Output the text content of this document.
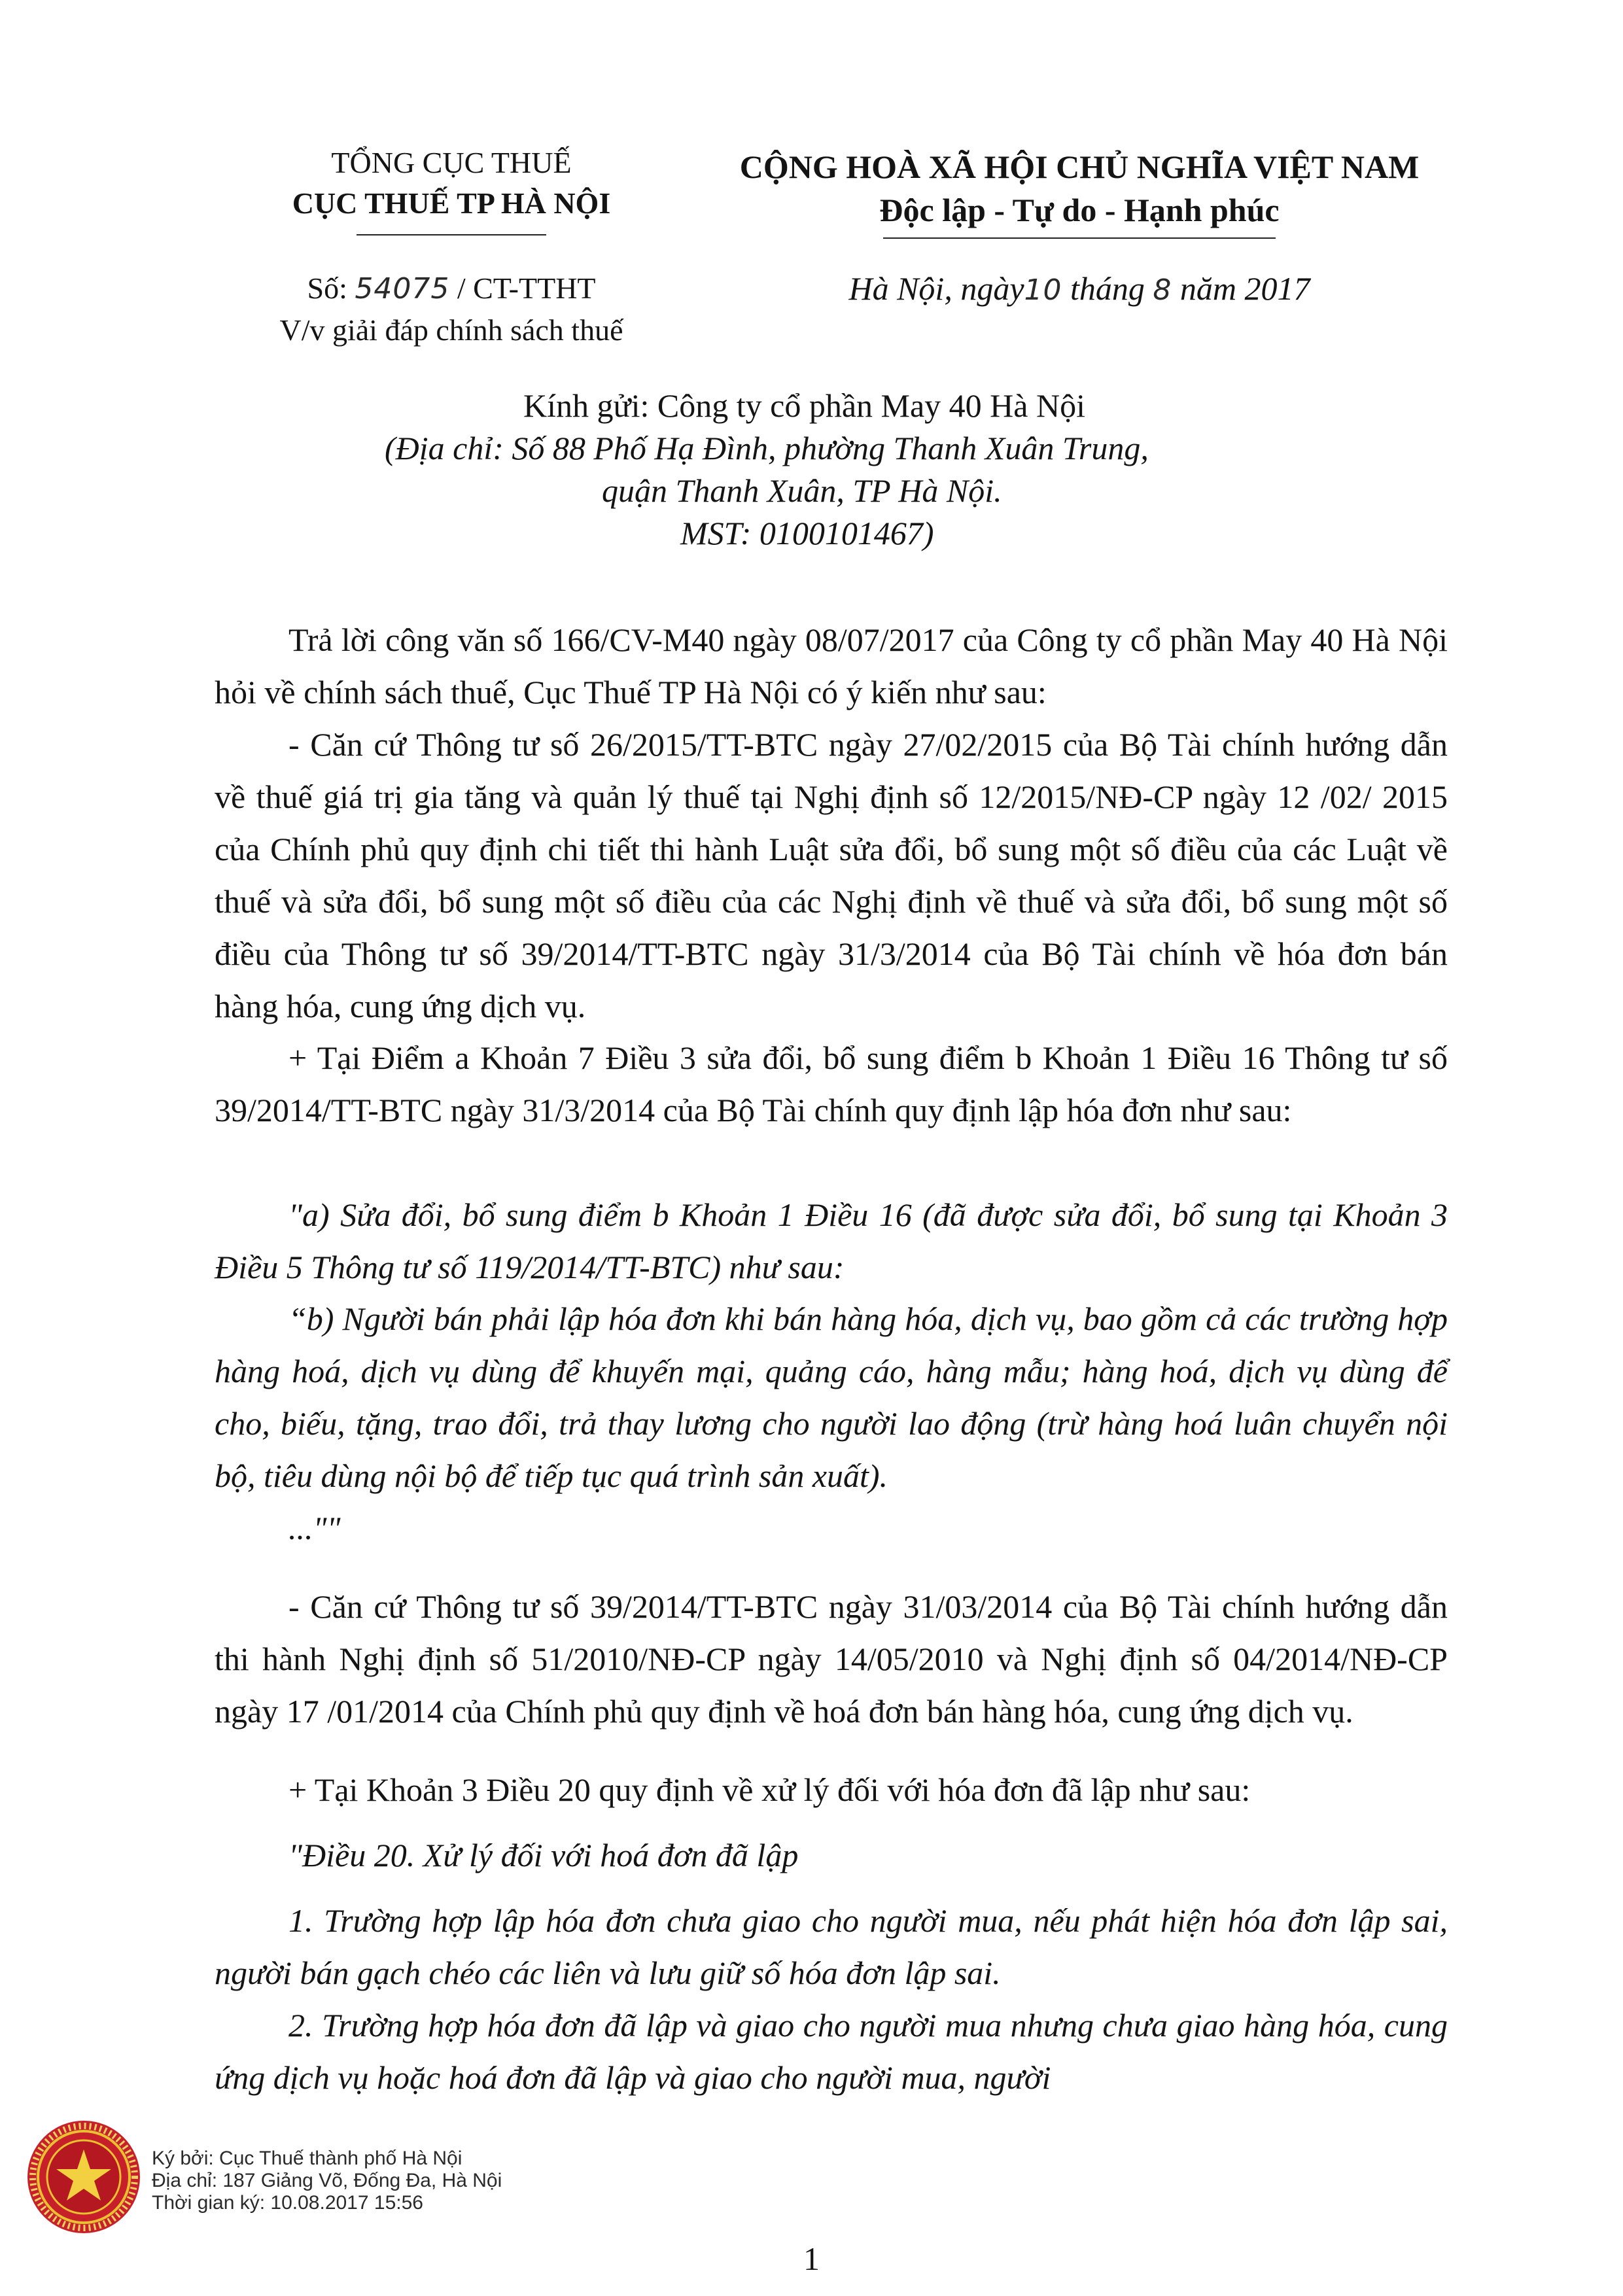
TỔNG CỤC THUẾ
CỤC THUẾ TP HÀ NỘI
Số: 54075 / CT-TTHT
V/v giải đáp chính sách thuế
CỘNG HOÀ XÃ HỘI CHỦ NGHĨA VIỆT NAM
Độc lập - Tự do - Hạnh phúc
Hà Nội, ngày10 tháng 8 năm 2017
Kính gửi: Công ty cổ phần May 40 Hà Nội
(Địa chỉ: Số 88 Phố Hạ Đình, phường Thanh Xuân Trung,
quận Thanh Xuân, TP Hà Nội.
MST: 0100101467)
Trả lời công văn số 166/CV-M40 ngày 08/07/2017 của Công ty cổ phần May 40 Hà Nội hỏi về chính sách thuế, Cục Thuế TP Hà Nội có ý kiến như sau:
- Căn cứ Thông tư số 26/2015/TT-BTC ngày 27/02/2015 của Bộ Tài chính hướng dẫn về thuế giá trị gia tăng và quản lý thuế tại Nghị định số 12/2015/NĐ-CP ngày 12 /02/ 2015 của Chính phủ quy định chi tiết thi hành Luật sửa đổi, bổ sung một số điều của các Luật về thuế và sửa đổi, bổ sung một số điều của các Nghị định về thuế và sửa đổi, bổ sung một số điều của Thông tư số 39/2014/TT-BTC ngày 31/3/2014 của Bộ Tài chính về hóa đơn bán hàng hóa, cung ứng dịch vụ.
+ Tại Điểm a Khoản 7 Điều 3 sửa đổi, bổ sung điểm b Khoản 1 Điều 16 Thông tư số 39/2014/TT-BTC ngày 31/3/2014 của Bộ Tài chính quy định lập hóa đơn như sau:
"a) Sửa đổi, bổ sung điểm b Khoản 1 Điều 16 (đã được sửa đổi, bổ sung tại Khoản 3 Điều 5 Thông tư số 119/2014/TT-BTC) như sau:
“b) Người bán phải lập hóa đơn khi bán hàng hóa, dịch vụ, bao gồm cả các trường hợp hàng hoá, dịch vụ dùng để khuyến mại, quảng cáo, hàng mẫu; hàng hoá, dịch vụ dùng để cho, biếu, tặng, trao đổi, trả thay lương cho người lao động (trừ hàng hoá luân chuyển nội bộ, tiêu dùng nội bộ để tiếp tục quá trình sản xuất).
...""
- Căn cứ Thông tư số 39/2014/TT-BTC ngày 31/03/2014 của Bộ Tài chính hướng dẫn thi hành Nghị định số 51/2010/NĐ-CP ngày 14/05/2010 và Nghị định số 04/2014/NĐ-CP ngày 17 /01/2014 của Chính phủ quy định về hoá đơn bán hàng hóa, cung ứng dịch vụ.
+ Tại Khoản 3 Điều 20 quy định về xử lý đối với hóa đơn đã lập như sau:
"Điều 20. Xử lý đối với hoá đơn đã lập
1. Trường hợp lập hóa đơn chưa giao cho người mua, nếu phát hiện hóa đơn lập sai, người bán gạch chéo các liên và lưu giữ số hóa đơn lập sai.
2. Trường hợp hóa đơn đã lập và giao cho người mua nhưng chưa giao hàng hóa, cung ứng dịch vụ hoặc hoá đơn đã lập và giao cho người mua, người
Ký bởi: Cục Thuế thành phố Hà Nội
Địa chỉ: 187 Giảng Võ, Đống Đa, Hà Nội
Thời gian ký: 10.08.2017 15:56
1
